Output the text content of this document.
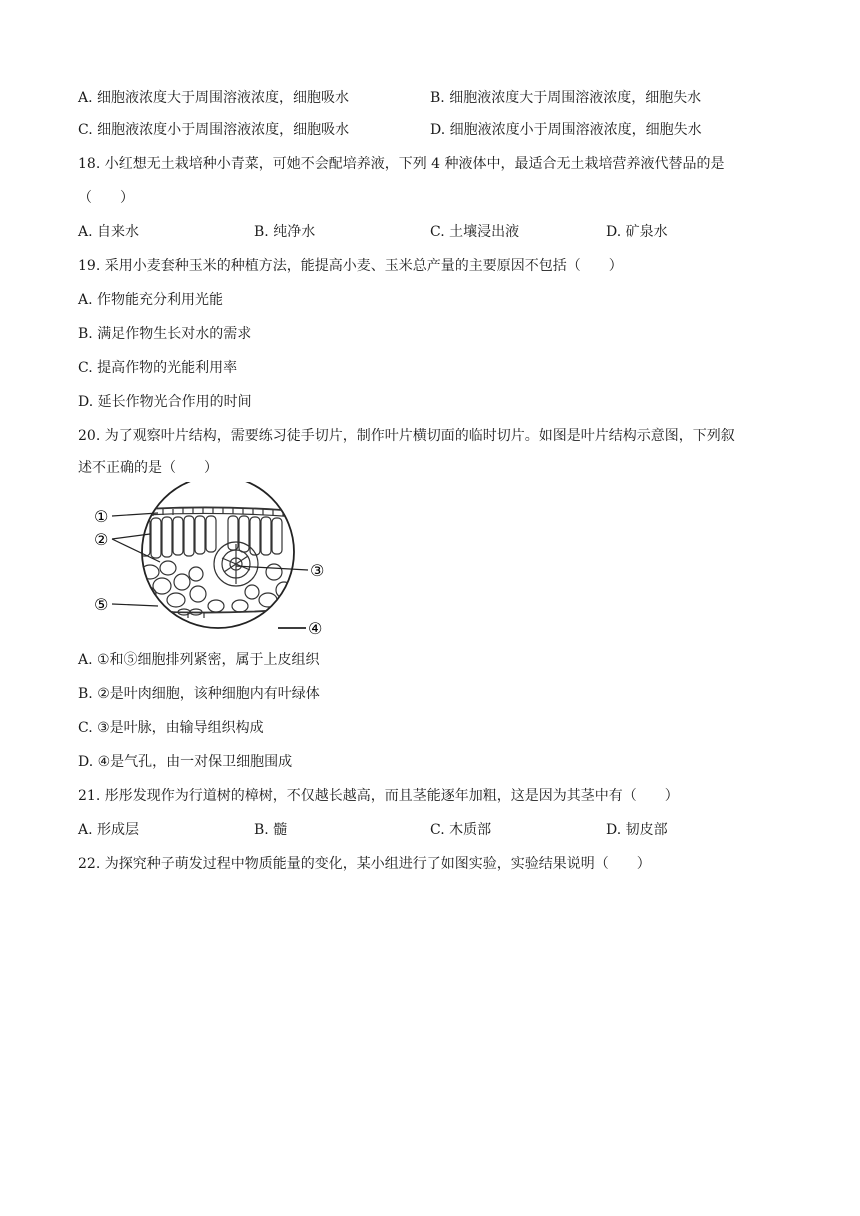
A. 细胞液浓度大于周围溶液浓度，细胞吸水	B. 细胞液浓度大于周围溶液浓度，细胞失水
C. 细胞液浓度小于周围溶液浓度，细胞吸水	D. 细胞液浓度小于周围溶液浓度，细胞失水
18. 小红想无土栽培种小青菜，可她不会配培养液，下列 4 种液体中，最适合无土栽培营养液代替品的是
（　　）
A. 自来水	B. 纯净水	C. 土壤浸出液	D. 矿泉水
19. 采用小麦套种玉米的种植方法，能提高小麦、玉米总产量的主要原因不包括（　　）
A. 作物能充分利用光能
B. 满足作物生长对水的需求
C. 提高作物的光能利用率
D. 延长作物光合作用的时间
20. 为了观察叶片结构，需要练习徒手切片，制作叶片横切面的临时切片。如图是叶片结构示意图，下列叙
述不正确的是（　　）
①
②
③
④
⑤
A. ①和⑤细胞排列紧密，属于上皮组织
B. ②是叶肉细胞，该种细胞内有叶绿体
C. ③是叶脉，由输导组织构成
D. ④是气孔，由一对保卫细胞围成
21. 彤彤发现作为行道树的樟树，不仅越长越高，而且茎能逐年加粗，这是因为其茎中有（　　）
A. 形成层	B. 髓	C. 木质部	D. 韧皮部
22. 为探究种子萌发过程中物质能量的变化，某小组进行了如图实验，实验结果说明（　　）
